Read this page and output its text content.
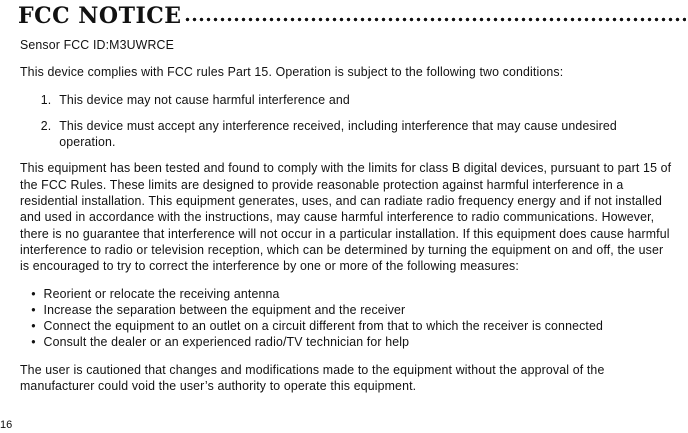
FCC NOTICE

Sensor FCC ID:M3UWRCE

This device complies with FCC rules Part 15. Operation is subject to the following two conditions:

1. This device may not cause harmful interference and
2. This device must accept any interference received, including interference that may cause undesired operation.

This equipment has been tested and found to comply with the limits for class B digital devices, pursuant to part 15 of the FCC Rules. These limits are designed to provide reasonable protection against harmful interference in a residential installation. This equipment generates, uses, and can radiate radio frequency energy and if not installed and used in accordance with the instructions, may cause harmful interference to radio communications. However, there is no guarantee that interference will not occur in a particular installation. If this equipment does cause harmful interference to radio or television reception, which can be determined by turning the equipment on and off, the user is encouraged to try to correct the interference by one or more of the following measures:

• Reorient or relocate the receiving antenna
• Increase the separation between the equipment and the receiver
• Connect the equipment to an outlet on a circuit different from that to which the receiver is connected
• Consult the dealer or an experienced radio/TV technician for help

The user is cautioned that changes and modifications made to the equipment without the approval of the manufacturer could void the user’s authority to operate this equipment.

16
